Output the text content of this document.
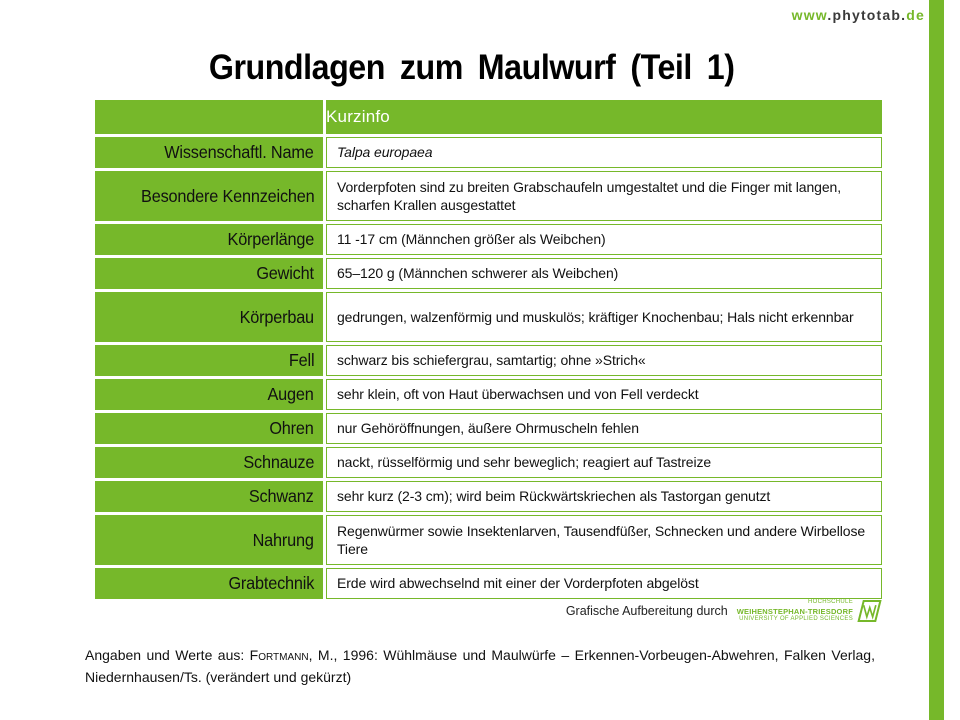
www.phytotab.de
Grundlagen zum Maulwurf (Teil 1)
Kurzinfo
Wissenschaftl. Name Talpa europaea
Besondere Kennzeichen Vorderpfoten sind zu breiten Grabschaufeln umgestaltet und die Finger mit langen, scharfen Krallen ausgestattet
Körperlänge 11 -17 cm (Männchen größer als Weibchen)
Gewicht 65–120 g (Männchen schwerer als Weibchen)
Körperbau gedrungen, walzenförmig und muskulös; kräftiger Knochenbau; Hals nicht erkennbar
Fell schwarz bis schiefergrau, samtartig; ohne »Strich«
Augen sehr klein, oft von Haut überwachsen und von Fell verdeckt
Ohren nur Gehöröffnungen, äußere Ohrmuscheln fehlen
Schnauze nackt, rüsselförmig und sehr beweglich; reagiert auf Tastreize
Schwanz sehr kurz (2-3 cm); wird beim Rückwärtskriechen als Tastorgan genutzt
Nahrung Regenwürmer sowie Insektenlarven, Tausendfüßer, Schnecken und andere Wirbellose Tiere
Grabtechnik Erde wird abwechselnd mit einer der Vorderpfoten abgelöst
Grafische Aufbereitung durch
HOCHSCHULE
WEIHENSTEPHAN-TRIESDORF
UNIVERSITY OF APPLIED SCIENCES
Angaben und Werte aus: Fortmann, M., 1996: Wühlmäuse und Maulwürfe – Erkennen-Vorbeugen-Abwehren, Falken Verlag, Niedernhausen/Ts. (verändert und gekürzt)
